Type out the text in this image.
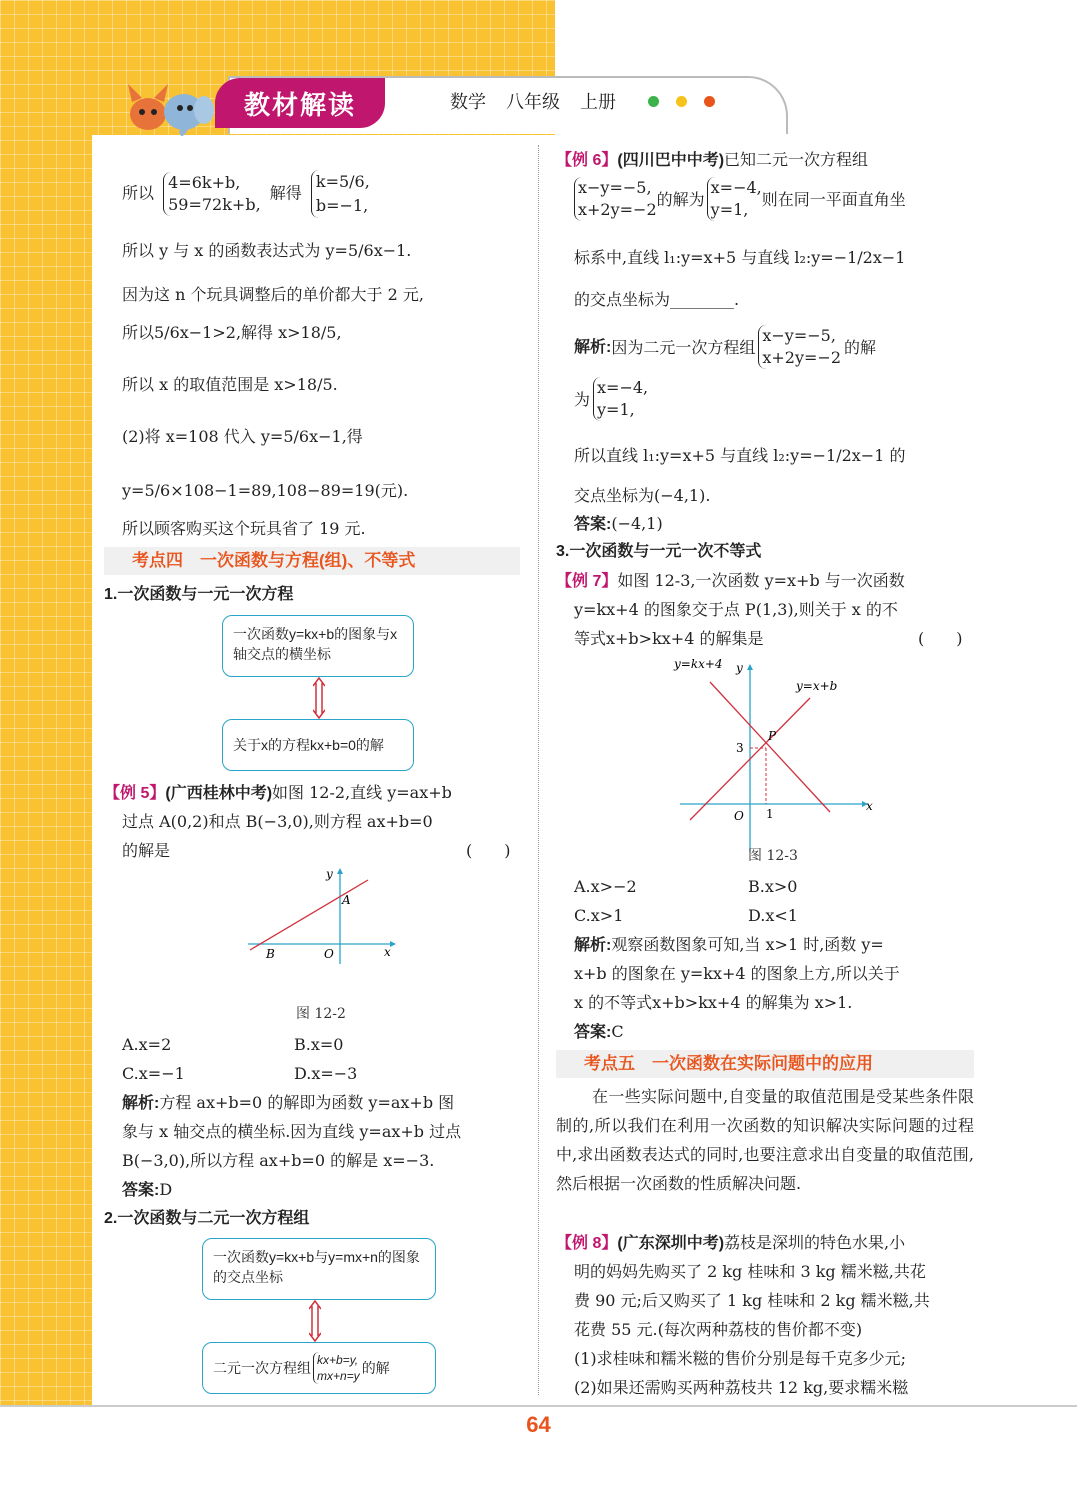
教材解读	数学 八年级 上册

所以
4=6k+b,
59=72k+b,
解得
k=5/6,
b=−1,
所以 y 与 x 的函数表达式为 y=5/6x−1.
因为这 n 个玩具调整后的单价都大于 2 元,
所以5/6x−1>2,解得 x>18/5,
所以 x 的取值范围是 x>18/5.
(2)将 x=108 代入 y=5/6x−1,得
y=5/6×108−1=89,108−89=19(元).
所以顾客购买这个玩具省了 19 元.
考点四　一次函数与方程(组)、不等式
1.一次函数与一元一次方程
一次函数y=kx+b的图象与x轴交点的横坐标
关于x的方程kx+b=0的解
【例 5】(广西桂林中考)如图 12-2,直线 y=ax+b
过点 A(0,2)和点 B(−3,0),则方程 ax+b=0
的解是	(　　)
y
x
A
B	O
图 12-2
A.x=2	B.x=0
C.x=−1	D.x=−3
解析:方程 ax+b=0 的解即为函数 y=ax+b 图
象与 x 轴交点的横坐标.因为直线 y=ax+b 过点
B(−3,0),所以方程 ax+b=0 的解是 x=−3.
答案:D
2.一次函数与二元一次方程组
一次函数y=kx+b与y=mx+n的图象的交点坐标
二元一次方程组 kx+b=y,
mx+n=y 的解
【例 6】(四川巴中中考)已知二元一次方程组
x−y=−5,
x+2y=−2
的解为
x=−4,
y=1,
则在同一平面直角坐
标系中,直线 l₁:y=x+5 与直线 l₂:y=−1/2x−1
的交点坐标为________.
解析: 因为二元一次方程组
x−y=−5,
x+2y=−2
的解
为
x=−4,
y=1,
所以直线 l₁:y=x+5 与直线 l₂:y=−1/2x−1 的
交点坐标为(−4,1).
答案:(−4,1)
3.一次函数与一元一次不等式
【例 7】如图 12-3,一次函数 y=x+b 与一次函数
y=kx+4 的图象交于点 P(1,3),则关于 x 的不
等式x+b>kx+4 的解集是	(　　)
y=kx+4 y
y=x+b
P
3
O 1
x
图 12-3
A.x>−2	B.x>0
C.x>1	D.x<1
解析:观察函数图象可知,当 x>1 时,函数 y=
x+b 的图象在 y=kx+4 的图象上方,所以关于
x 的不等式x+b>kx+4 的解集为 x>1.
答案:C
考点五　一次函数在实际问题中的应用
在一些实际问题中,自变量的取值范围是受某些条件限制的,所以我们在利用一次函数的知识解决实际问题的过程中,求出函数表达式的同时,也要注意求出自变量的取值范围,然后根据一次函数的性质解决问题.
【例 8】(广东深圳中考)荔枝是深圳的特色水果,小
明的妈妈先购买了 2 kg 桂味和 3 kg 糯米糍,共花
费 90 元;后又购买了 1 kg 桂味和 2 kg 糯米糍,共
花费 55 元.(每次两种荔枝的售价都不变)
(1)求桂味和糯米糍的售价分别是每千克多少元;
(2)如果还需购买两种荔枝共 12 kg,要求糯米糍
64
